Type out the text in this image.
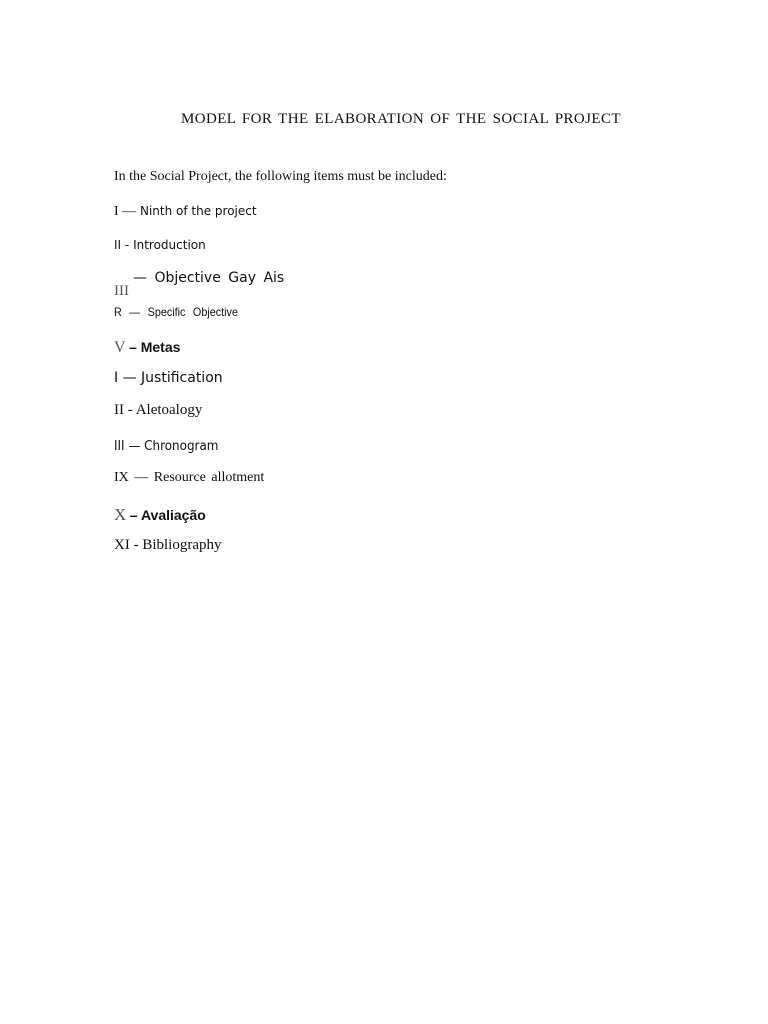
MODEL FOR THE ELABORATION OF THE SOCIAL PROJECT
In the Social Project, the following items must be included:
I — Ninth of the project
II - Introduction
III
— Objective Gay Ais
R — Specific Objective
V – Metas
I — Justification
II - Aletoalogy
III — Chronogram
IX — Resource allotment
X – Avaliação
XI - Bibliography
